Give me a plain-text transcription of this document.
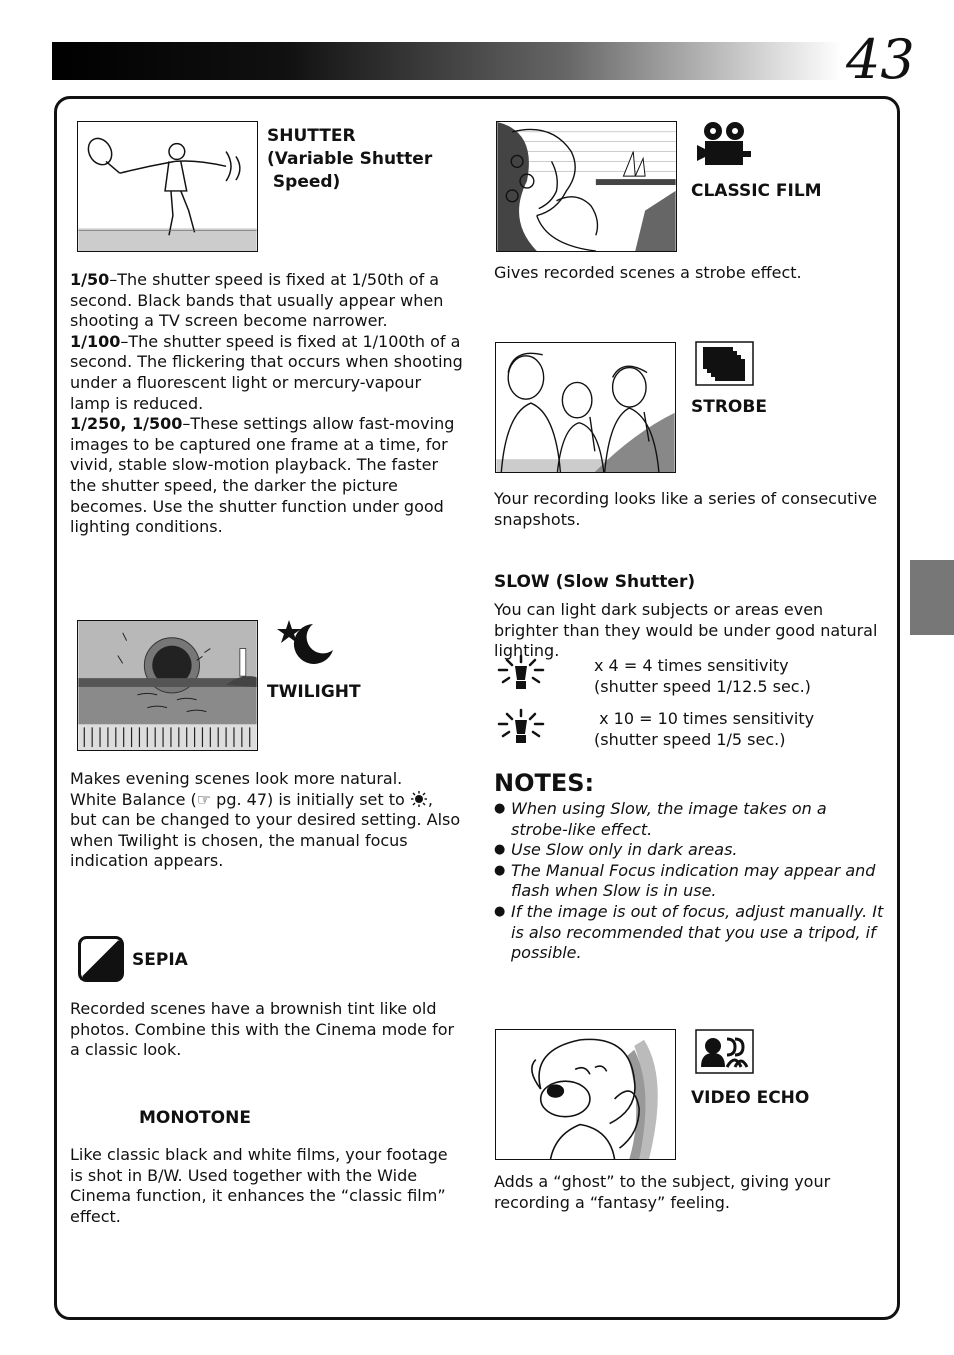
43
SHUTTER
(Variable Shutter
Speed)
1/50–The shutter speed is fixed at 1/50th of a second. Black bands that usually appear when shooting a TV screen become narrower.
1/100–The shutter speed is fixed at 1/100th of a second. The flickering that occurs when shooting under a fluorescent light or mercury-vapour lamp is reduced.
1/250, 1/500–These settings allow fast-moving images to be captured one frame at a time, for vivid, stable slow-motion playback. The faster the shutter speed, the darker the picture becomes. Use the shutter function under good lighting conditions.
TWILIGHT
Makes evening scenes look more natural.
White Balance (☞ pg. 47) is initially set to ,
but can be changed to your desired setting. Also when Twilight is chosen, the manual focus indication appears.
SEPIA
Recorded scenes have a brownish tint like old photos. Combine this with the Cinema mode for a classic look.
MONOTONE
Like classic black and white films, your footage is shot in B/W. Used together with the Wide Cinema function, it enhances the “classic film” effect.
CLASSIC FILM
Gives recorded scenes a strobe effect.
STROBE
Your recording looks like a series of consecutive snapshots.
SLOW (Slow Shutter)
You can light dark subjects or areas even brighter than they would be under good natural lighting.
x 4 = 4 times sensitivity
(shutter speed 1/12.5 sec.)
x 10 = 10 times sensitivity
(shutter speed 1/5 sec.)
NOTES:
● When using Slow, the image takes on a strobe-like effect.
● Use Slow only in dark areas.
● The Manual Focus indication may appear and flash when Slow is in use.
● If the image is out of focus, adjust manually. It is also recommended that you use a tripod, if possible.
VIDEO ECHO
Adds a “ghost” to the subject, giving your recording a “fantasy” feeling.
